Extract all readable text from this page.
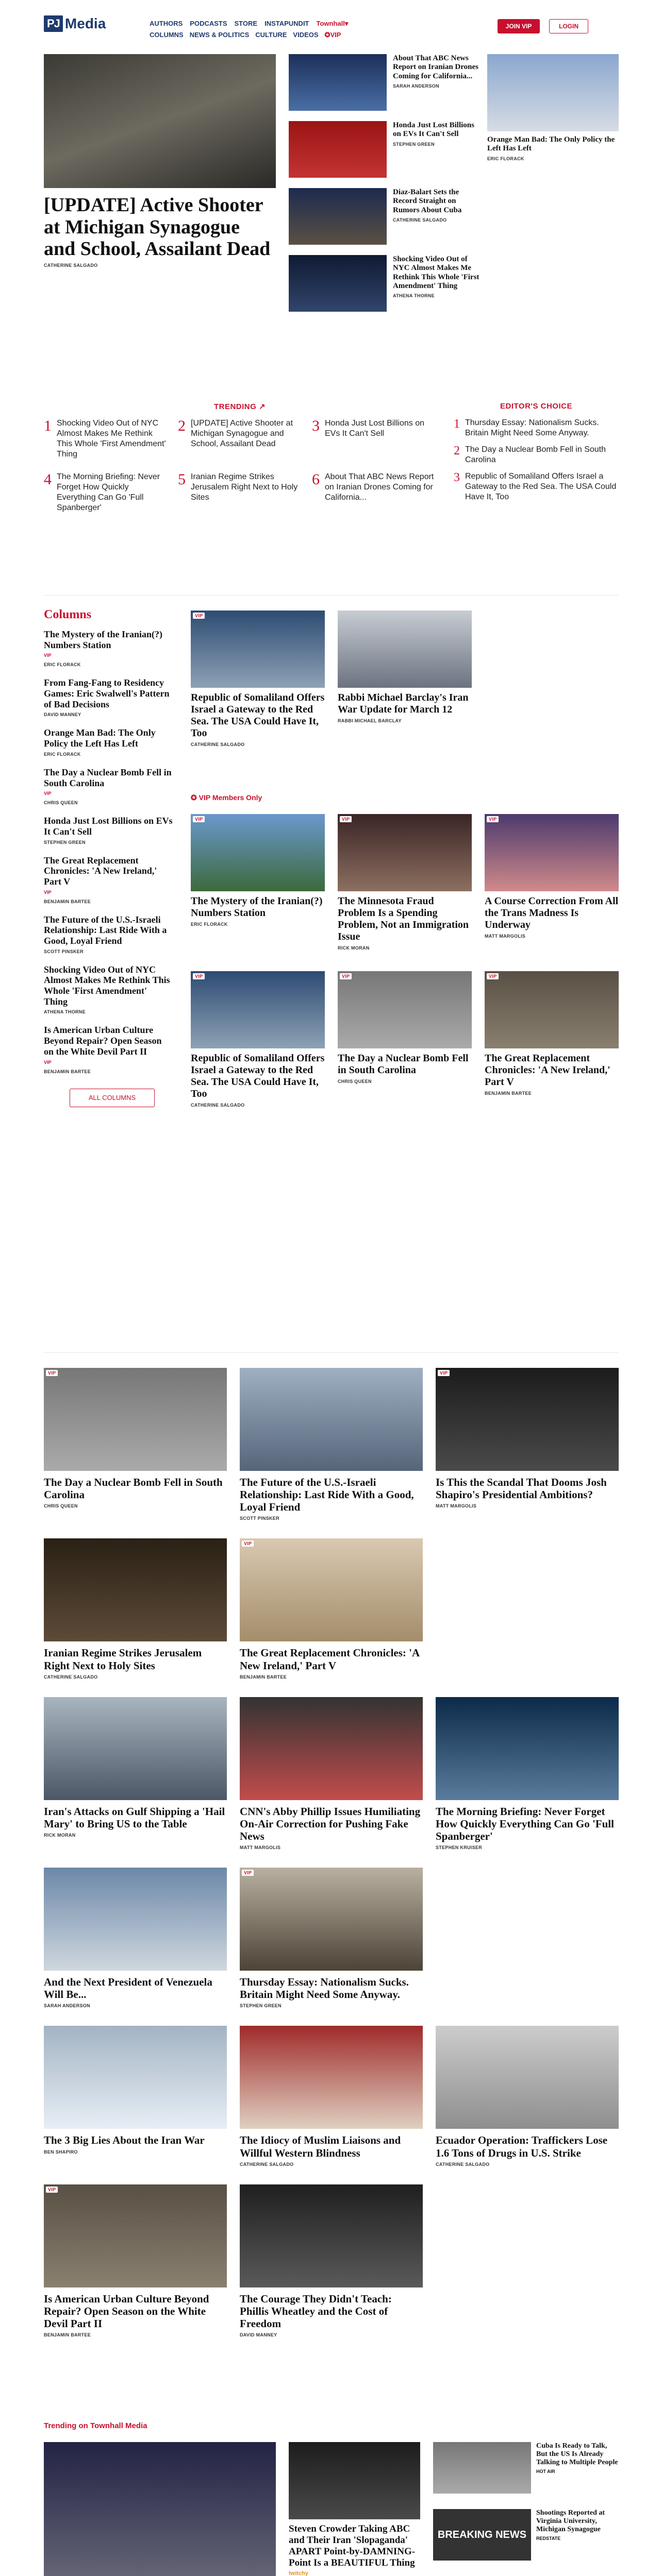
PJ Media	AUTHORS PODCASTS STORE INSTAPUNDIT Townhall▾
COLUMNS NEWS & POLITICS CULTURE VIDEOS ✪VIP
JOIN VIP	LOGIN
[UPDATE] Active Shooter at Michigan Synagogue and School, Assailant Dead
CATHERINE SALGADO
About That ABC News Report on Iranian Drones Coming for California...
SARAH ANDERSON
Honda Just Lost Billions on EVs It Can't Sell
STEPHEN GREEN
Diaz-Balart Sets the Record Straight on Rumors About Cuba
CATHERINE SALGADO
Shocking Video Out of NYC Almost Makes Me Rethink This Whole 'First Amendment' Thing
ATHENA THORNE
Orange Man Bad: The Only Policy the Left Has Left
ERIC FLORACK
TRENDING ↗
1 Shocking Video Out of NYC Almost Makes Me Rethink This Whole 'First Amendment' Thing
2 [UPDATE] Active Shooter at Michigan Synagogue and School, Assailant Dead
3 Honda Just Lost Billions on EVs It Can't Sell
4 The Morning Briefing: Never Forget How Quickly Everything Can Go 'Full Spanberger'
5 Iranian Regime Strikes Jerusalem Right Next to Holy Sites
6 About That ABC News Report on Iranian Drones Coming for California...
EDITOR'S CHOICE
1 Thursday Essay: Nationalism Sucks. Britain Might Need Some Anyway.
2 The Day a Nuclear Bomb Fell in South Carolina
3 Republic of Somaliland Offers Israel a Gateway to the Red Sea. The USA Could Have It, Too
Columns
The Mystery of the Iranian(?) Numbers Station
VIP
ERIC FLORACK
From Fang-Fang to Residency Games: Eric Swalwell's Pattern of Bad Decisions
DAVID MANNEY
Orange Man Bad: The Only Policy the Left Has Left
ERIC FLORACK
The Day a Nuclear Bomb Fell in South Carolina
VIP
CHRIS QUEEN
Honda Just Lost Billions on EVs It Can't Sell
STEPHEN GREEN
The Great Replacement Chronicles: 'A New Ireland,' Part V
VIP
BENJAMIN BARTEE
The Future of the U.S.-Israeli Relationship: Last Ride With a Good, Loyal Friend
SCOTT PINSKER
Shocking Video Out of NYC Almost Makes Me Rethink This Whole 'First Amendment' Thing
ATHENA THORNE
Is American Urban Culture Beyond Repair? Open Season on the White Devil Part II
VIP
BENJAMIN BARTEE
ALL COLUMNS
VIP
Republic of Somaliland Offers Israel a Gateway to the Red Sea. The USA Could Have It, Too
CATHERINE SALGADO
Rabbi Michael Barclay's Iran War Update for March 12
RABBI MICHAEL BARCLAY
✪ VIP Members Only
VIP
The Mystery of the Iranian(?) Numbers Station
ERIC FLORACK
VIP
The Minnesota Fraud Problem Is a Spending Problem, Not an Immigration Issue
RICK MORAN
VIP
A Course Correction From All the Trans Madness Is Underway
MATT MARGOLIS
VIP
Republic of Somaliland Offers Israel a Gateway to the Red Sea. The USA Could Have It, Too
CATHERINE SALGADO
VIP
The Day a Nuclear Bomb Fell in South Carolina
CHRIS QUEEN
VIP
The Great Replacement Chronicles: 'A New Ireland,' Part V
BENJAMIN BARTEE
VIP
The Day a Nuclear Bomb Fell in South Carolina
CHRIS QUEEN
The Future of the U.S.-Israeli Relationship: Last Ride With a Good, Loyal Friend
SCOTT PINSKER
VIP
Is This the Scandal That Dooms Josh Shapiro's Presidential Ambitions?
MATT MARGOLIS
Iranian Regime Strikes Jerusalem Right Next to Holy Sites
CATHERINE SALGADO
VIP
The Great Replacement Chronicles: 'A New Ireland,' Part V
BENJAMIN BARTEE
Iran's Attacks on Gulf Shipping a 'Hail Mary' to Bring US to the Table
RICK MORAN
CNN's Abby Phillip Issues Humiliating On-Air Correction for Pushing Fake News
MATT MARGOLIS
The Morning Briefing: Never Forget How Quickly Everything Can Go 'Full Spanberger'
STEPHEN KRUISER
And the Next President of Venezuela Will Be...
SARAH ANDERSON
VIP
Thursday Essay: Nationalism Sucks. Britain Might Need Some Anyway.
STEPHEN GREEN
The 3 Big Lies About the Iran War
BEN SHAPIRO
The Idiocy of Muslim Liaisons and Willful Western Blindness
CATHERINE SALGADO
Ecuador Operation: Traffickers Lose 1.6 Tons of Drugs in U.S. Strike
CATHERINE SALGADO
VIP
Is American Urban Culture Beyond Repair? Open Season on the White Devil Part II
BENJAMIN BARTEE
The Courage They Didn't Teach: Phillis Wheatley and the Cost of Freedom
DAVID MANNEY
Trending on Townhall Media
Steven Crowder Taking ABC and Their Iran 'Slopaganda' APART Point-by-DAMNING-Point Is a BEAUTIFUL Thing
twitchy
Cuba Is Ready to Talk, But the US Is Already Talking to Multiple People
HOT AIR
BREAKING NEWS
Shootings Reported at Virginia University, Michigan Synagogue
REDSTATE
